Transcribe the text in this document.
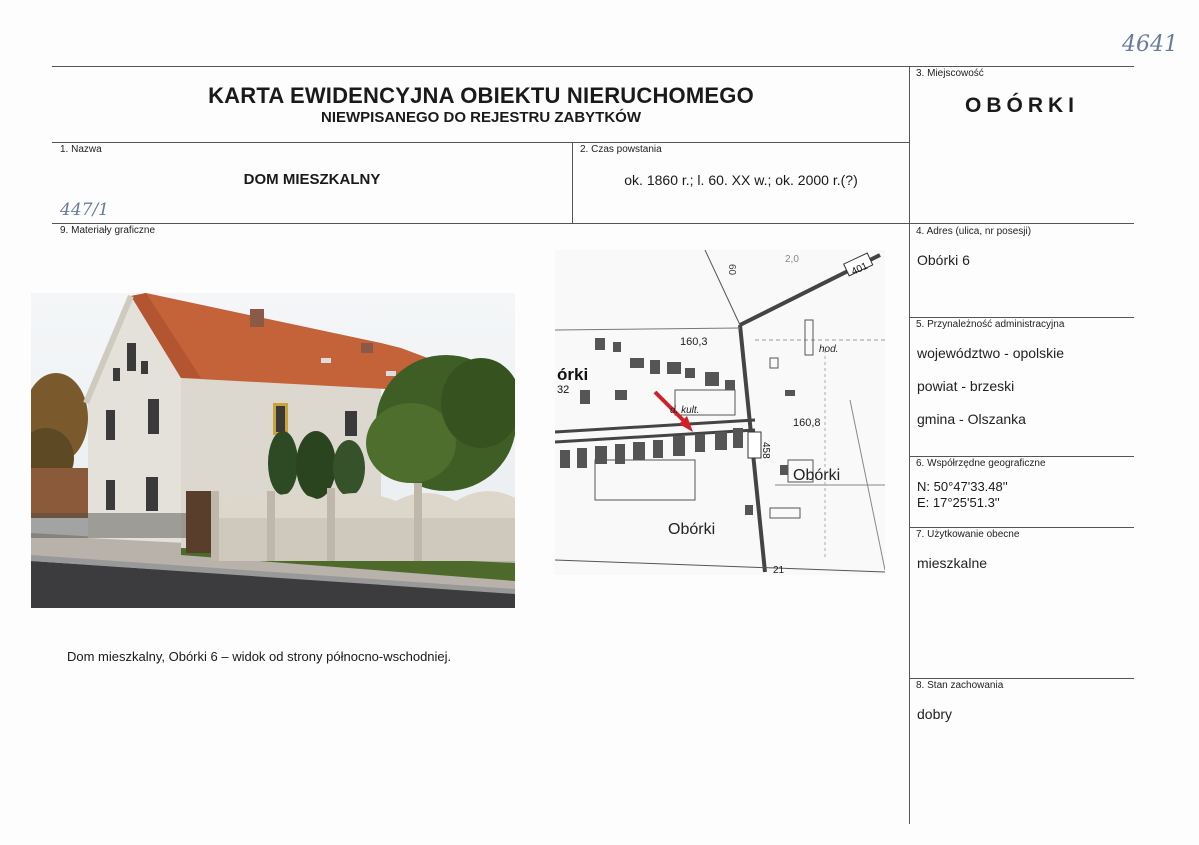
4641
447/1
KARTA EWIDENCYJNA OBIEKTU NIERUCHOMEGO
NIEWPISANEGO DO REJESTRU ZABYTKÓW
3. Miejscowość
OBÓRKI
1. Nazwa
DOM MIESZKALNY
2. Czas powstania
ok. 1860 r.; l. 60. XX w.; ok. 2000 r.(?)
9. Materiały graficzne	4. Adres (ulica, nr posesji)
Obórki 6
5. Przynależność administracyjna
województwo - opolskie
powiat - brzeski
gmina - Olszanka
6. Współrzędne geograficzne
N: 50°47'33.48''
E: 17°25'51.3''
7. Użytkowanie obecne
mieszkalne
8. Stan zachowania
dobry
160,3
160,8
Obórki
Obórki
órki
32
hod.
d. kult.
401
458
21
2,0
60
Dom mieszkalny, Obórki 6 – widok od strony północno-wschodniej.
